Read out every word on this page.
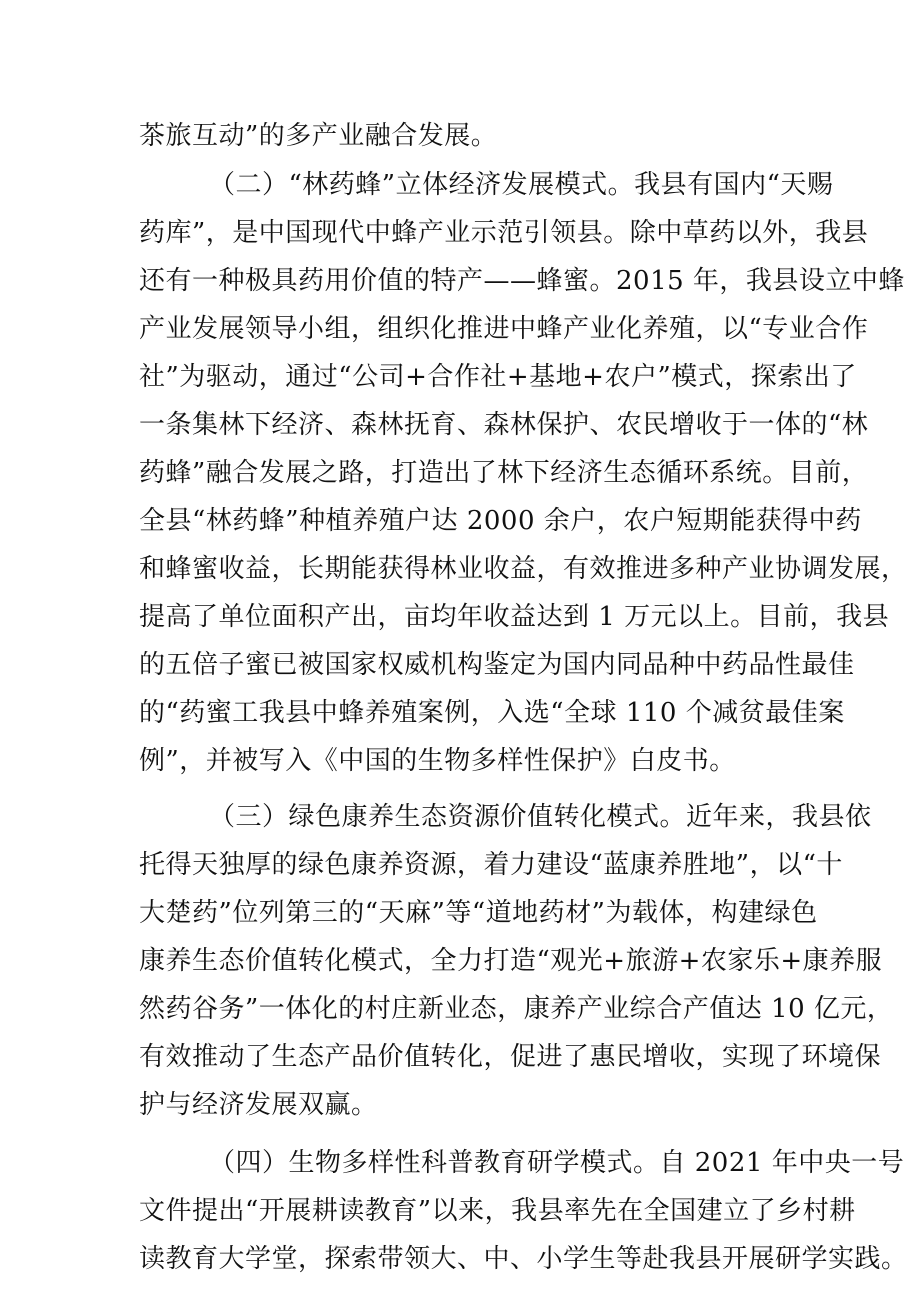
茶旅互动”的多产业融合发展。
（二）“林药蜂”立体经济发展模式。我县有国内“天赐
药库”，是中国现代中蜂产业示范引领县。除中草药以外，我县
还有一种极具药用价值的特产——蜂蜜。2015 年，我县设立中蜂
产业发展领导小组，组织化推进中蜂产业化养殖，以“专业合作
社”为驱动，通过“公司+合作社+基地+农户”模式，探索出了
一条集林下经济、森林抚育、森林保护、农民增收于一体的“林
药蜂”融合发展之路，打造出了林下经济生态循环系统。目前，
全县“林药蜂”种植养殖户达 2000 余户，农户短期能获得中药
和蜂蜜收益，长期能获得林业收益，有效推进多种产业协调发展，
提高了单位面积产出，亩均年收益达到 1 万元以上。目前，我县
的五倍子蜜已被国家权威机构鉴定为国内同品种中药品性最佳
的“药蜜工我县中蜂养殖案例，入选“全球 110 个减贫最佳案
例”，并被写入《中国的生物多样性保护》白皮书。
（三）绿色康养生态资源价值转化模式。近年来，我县依
托得天独厚的绿色康养资源，着力建设“蓝康养胜地”，以“十
大楚药”位列第三的“天麻”等“道地药材”为载体，构建绿色
康养生态价值转化模式，全力打造“观光+旅游+农家乐+康养服
然药谷务”一体化的村庄新业态，康养产业综合产值达 10 亿元，
有效推动了生态产品价值转化，促进了惠民增收，实现了环境保
护与经济发展双赢。
（四）生物多样性科普教育研学模式。自 2021 年中央一号
文件提出“开展耕读教育”以来，我县率先在全国建立了乡村耕
读教育大学堂，探索带领大、中、小学生等赴我县开展研学实践。
